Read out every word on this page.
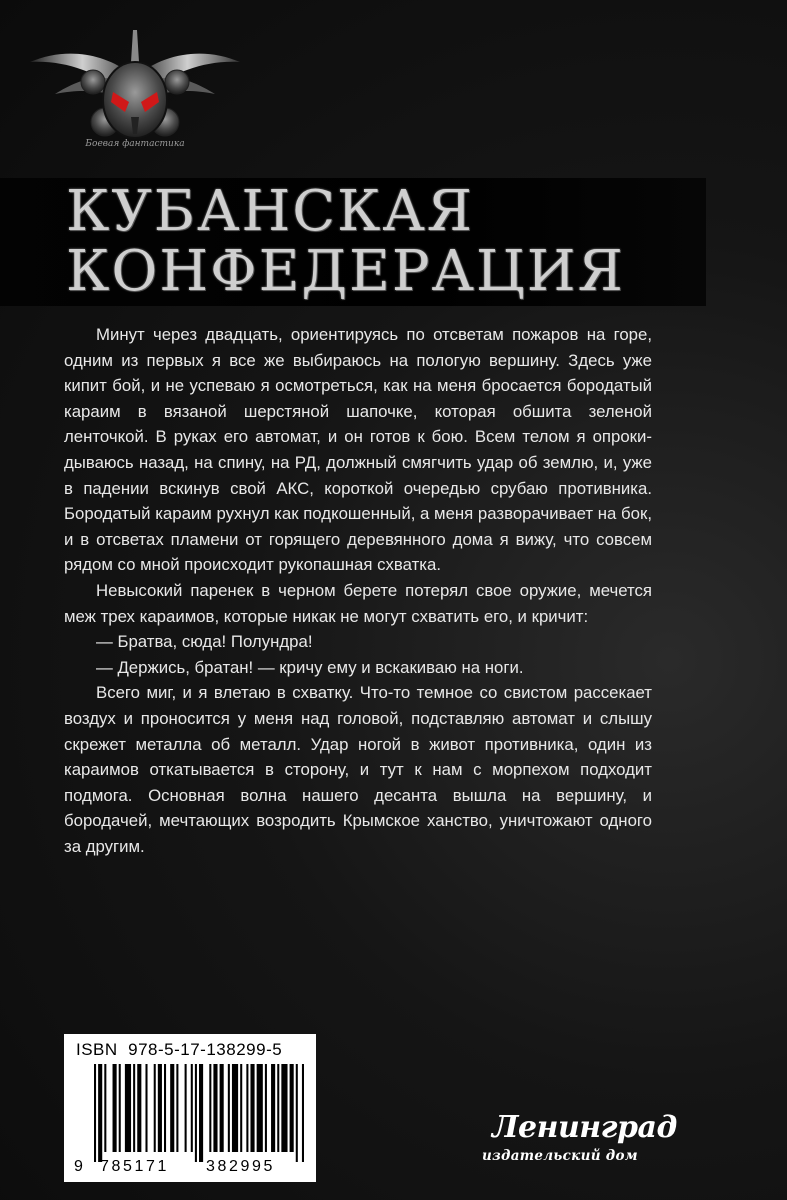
Боевая фантастика
КУБАНСКАЯ
КОНФЕДЕРАЦИЯ

Минут через двадцать, ориентируясь по отсветам пожаров на горе, одним из первых я все же выбираюсь на пологую вершину. Здесь уже кипит бой, и не успеваю я осмотреться, как на меня бросается бородатый караим в вязаной шерстяной шапочке, которая обшита зеленой ленточкой. В руках его автомат, и он готов к бою. Всем телом я опрокидываюсь назад, на спину, на РД, должный смягчить удар об землю, и, уже в падении вскинув свой АКС, короткой очередью срубаю противника. Бородатый караим рухнул как подкошенный, а меня разворачивает на бок, и в отсветах пламени от горящего деревянного дома я вижу, что совсем рядом со мной происходит рукопашная схватка.

Невысокий паренек в черном берете потерял свое оружие, мечется меж трех караимов, которые никак не могут схватить его, и кричит:

— Братва, сюда! Полундра!

— Держись, братан! — кричу ему и вскакиваю на ноги.

Всего миг, и я влетаю в схватку. Что-то темное со свистом рассекает воздух и проносится у меня над головой, подставляю автомат и слышу скрежет металла об металл. Удар ногой в живот противника, один из караимов откатывается в сторону, и тут к нам с морпехом подходит подмога. Основная волна нашего десанта вышла на вершину, и бородачей, мечтающих возродить Крымское ханство, уничтожают одного за другим.

ISBN  978-5-17-138299-5
9 785171 382995
Ленинград
издательский дом
